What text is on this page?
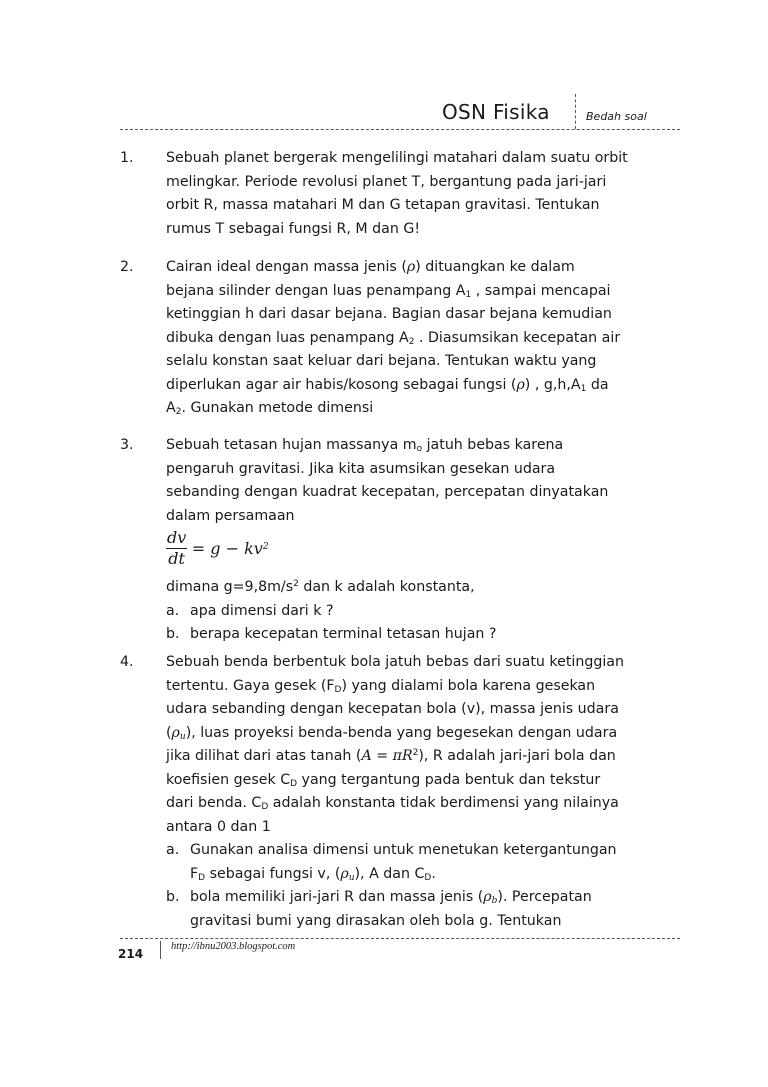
OSN Fisika	Bedah soal
1. Sebuah planet bergerak mengelilingi matahari dalam suatu orbit
melingkar. Periode revolusi planet T, bergantung pada jari-jari
orbit R, massa matahari M dan G tetapan gravitasi. Tentukan
rumus T sebagai fungsi R, M dan G!
2. Cairan ideal dengan massa jenis (ρ) dituangkan ke dalam
bejana silinder dengan luas penampang $A_1$ , sampai mencapai
ketinggian h dari dasar bejana. Bagian dasar bejana kemudian
dibuka dengan luas penampang $A_2$ . Diasumsikan kecepatan air
selalu konstan saat keluar dari bejana. Tentukan waktu yang
diperlukan agar air habis/kosong sebagai fungsi (ρ) , $g,h,A_1$ da
$A_2$. Gunakan metode dimensi
3. Sebuah tetasan hujan massanya $m_o$ jatuh bebas karena
pengaruh gravitasi. Jika kita asumsikan gesekan udara
sebanding dengan kuadrat kecepatan, percepatan dinyatakan
dalam persamaan
$\frac{dv}{dt} = g - kv^2$
dimana $g=9,8m/s^2$ dan k adalah konstanta,
a. apa dimensi dari k ?
b. berapa kecepatan terminal tetasan hujan ?
4. Sebuah benda berbentuk bola jatuh bebas dari suatu ketinggian
tertentu. Gaya gesek $(F_D)$ yang dialami bola karena gesekan
udara sebanding dengan kecepatan bola (v), massa jenis udara
$(\rho_u)$, luas proyeksi benda-benda yang begesekan dengan udara
jika dilihat dari atas tanah $(A = \pi R^2)$, R adalah jari-jari bola dan
koefisien gesek $C_D$ yang tergantung pada bentuk dan tekstur
dari benda. $C_D$ adalah konstanta tidak berdimensi yang nilainya
antara 0 dan 1
a. Gunakan analisa dimensi untuk menetukan ketergantungan
$F_D$ sebagai fungsi v, $(\rho_u)$, A dan $C_D$.
b. bola memiliki jari-jari R dan massa jenis $(\rho_b)$. Percepatan
gravitasi bumi yang dirasakan oleh bola g. Tentukan
214
http://ibnu2003.blogspot.com
